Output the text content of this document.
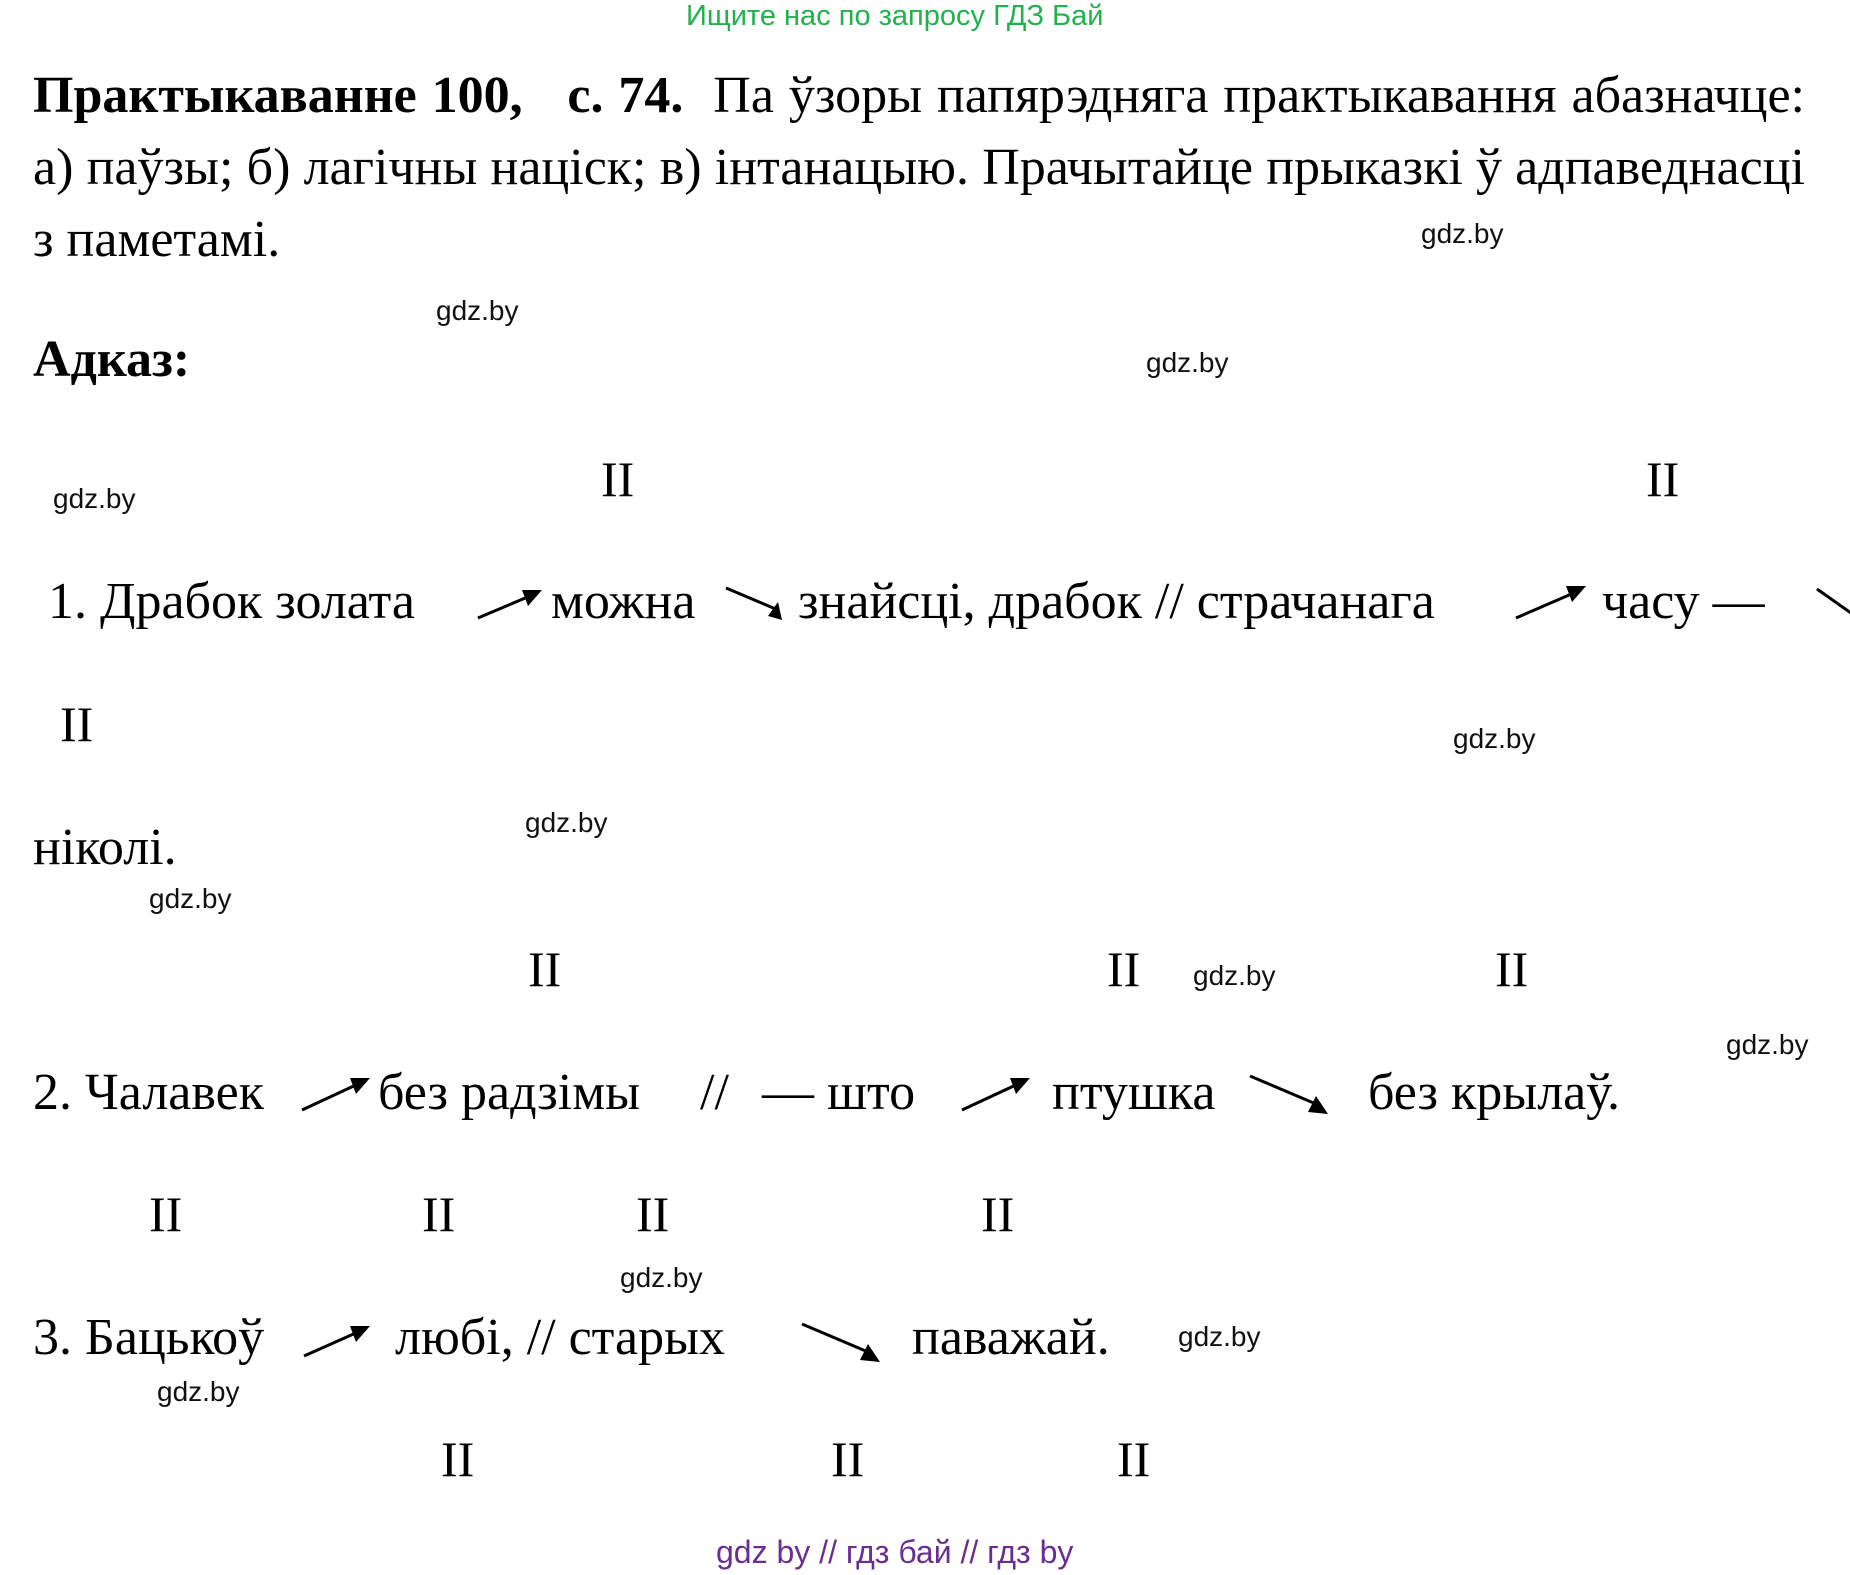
Ищите нас по запросу ГДЗ Бай
Практыкаванне 100, с. 74. Па ўзоры папярэдняга практыкавання абазначце: а) паўзы; б) лагічны націск; в) інтанацыю. Прачытайце прыказкі ў адпаведнасці з паметамі.
Адказ:
gdz.by
gdz.by
gdz.by
gdz.by
gdz.by
gdz.by
gdz.by
gdz.by
gdz.by
gdz.by
gdz.by
gdz.by
II	II
II
II	II	II
II	II	II	II
II	II	II
1. Драбок золата	можна знайсці, драбок // страчанага	часу —
ніколі.
2. Чалавек без радзімы // — што	птушка	без крылаў.
3. Бацькоў	любі, // старых	паважай.
gdz by // гдз бай // гдз by
